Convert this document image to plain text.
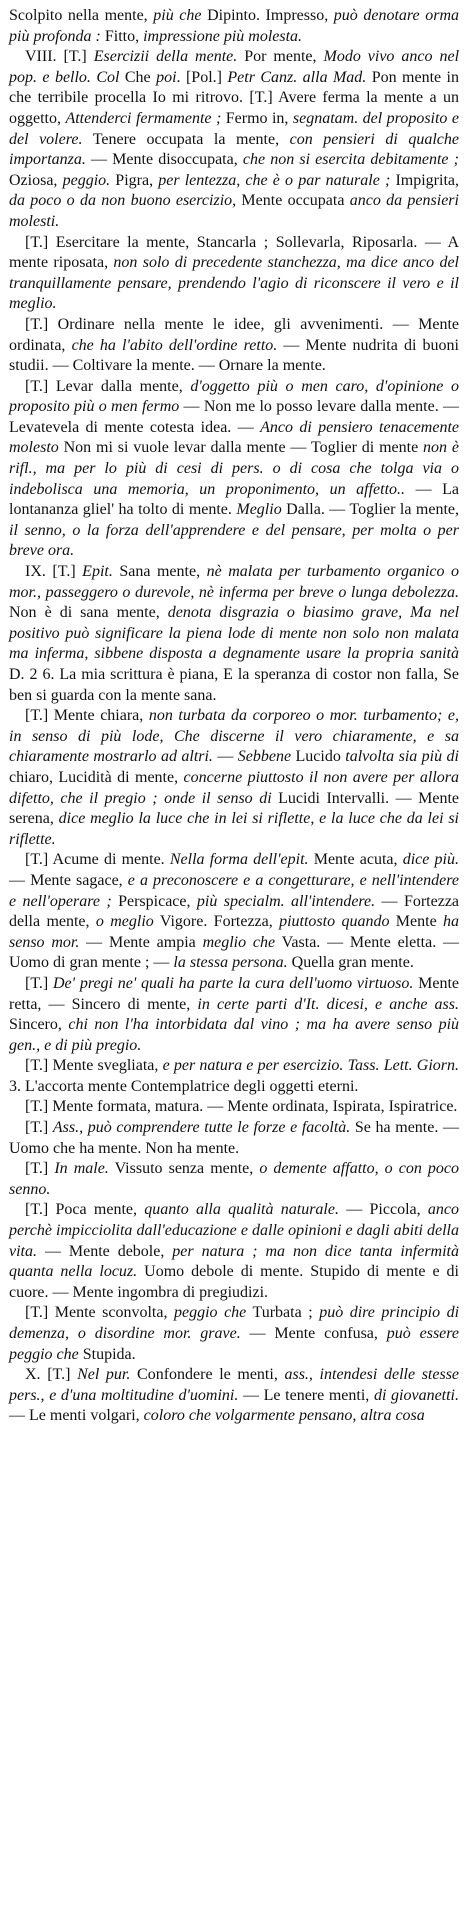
Scolpito nella mente, più che Dipinto. Impresso, può denotare orma più profonda : Fitto, impressione più molesta.

VIII. [T.] Esercizii della mente. Por mente, Modo vivo anco nel pop. e bello. Col Che poi. [Pol.] Petr Canz. alla Mad. Pon mente in che terribile procella Io mi ritrovo. [T.] Avere ferma la mente a un oggetto, Attenderci fermamente ; Fermo in, segnatam. del proposito e del volere. Tenere occupata la mente, con pensieri di qualche importanza. — Mente disoccupata, che non si esercita debitamente ; Oziosa, peggio. Pigra, per lentezza, che è o par naturale ; Impigrita, da poco o da non buono esercizio, Mente occupata anco da pensieri molesti.

[T.] Esercitare la mente, Stancarla ; Sollevarla, Riposarla. — A mente riposata, non solo di precedente stanchezza, ma dice anco del tranquillamente pensare, prendendo l'agio di riconscere il vero e il meglio.

[T.] Ordinare nella mente le idee, gli avvenimenti. — Mente ordinata, che ha l'abito dell'ordine retto. — Mente nudrita di buoni studii. — Coltivare la mente. — Ornare la mente.

[T.] Levar dalla mente, d'oggetto più o men caro, d'opinione o proposito più o men fermo — Non me lo posso levare dalla mente. — Levatevela di mente cotesta idea. — Anco di pensiero tenacemente molesto Non mi si vuole levar dalla mente — Toglier di mente non è rifl., ma per lo più di cesi di pers. o di cosa che tolga via o indebolisca una memoria, un proponimento, un affetto.. — La lontananza gliel' ha tolto di mente. Meglio Dalla. — Toglier la mente, il senno, o la forza dell'apprendere e del pensare, per molta o per breve ora.

IX. [T.] Epit. Sana mente, nè malata per turbamento organico o mor., passeggero o durevole, nè inferma per breve o lunga debolezza. Non è di sana mente, denota disgrazia o biasimo grave, Ma nel positivo può significare la piena lode di mente non solo non malata ma inferma, sibbene disposta a degnamente usare la propria sanità D. 2 6. La mia scrittura è piana, E la speranza di costor non falla, Se ben si guarda con la mente sana.

[T.] Mente chiara, non turbata da corporeo o mor. turbamento; e, in senso di più lode, Che discerne il vero chiaramente, e sa chiaramente mostrarlo ad altri. — Sebbene Lucido talvolta sia più di chiaro, Lucidità di mente, concerne piuttosto il non avere per allora difetto, che il pregio ; onde il senso di Lucidi Intervalli. — Mente serena, dice meglio la luce che in lei si riflette, e la luce che da lei si riflette.

[T.] Acume di mente. Nella forma dell'epit. Mente acuta, dice più. — Mente sagace, e a preconoscere e a congetturare, e nell'intendere e nell'operare ; Perspicace, più specialm. all'intendere. — Fortezza della mente, o meglio Vigore. Fortezza, piuttosto quando Mente ha senso mor. — Mente ampia meglio che Vasta. — Mente eletta. — Uomo di gran mente ; — la stessa persona. Quella gran mente.

[T.] De' pregi ne' quali ha parte la cura dell'uomo virtuoso. Mente retta, — Sincero di mente, in certe parti d'It. dicesi, e anche ass. Sincero, chi non l'ha intorbidata dal vino ; ma ha avere senso più gen., e di più pregio.

[T.] Mente svegliata, e per natura e per esercizio. Tass. Lett. Giorn. 3. L'accorta mente Contemplatrice degli oggetti eterni.

[T.] Mente formata, matura. — Mente ordinata, Ispirata, Ispiratrice.

[T.] Ass., può comprendere tutte le forze e facoltà. Se ha mente. — Uomo che ha mente. Non ha mente.

[T.] In male. Vissuto senza mente, o demente affatto, o con poco senno.

[T.] Poca mente, quanto alla qualità naturale. — Piccola, anco perchè impicciolita dall'educazione e dalle opinioni e dagli abiti della vita. — Mente debole, per natura ; ma non dice tanta infermità quanta nella locuz. Uomo debole di mente. Stupido di mente e di cuore. — Mente ingombra di pregiudizi.

[T.] Mente sconvolta, peggio che Turbata ; può dire principio di demenza, o disordine mor. grave. — Mente confusa, può essere peggio che Stupida.

X. [T.] Nel pur. Confondere le menti, ass., intendesi delle stesse pers., e d'una moltitudine d'uomini. — Le tenere menti, di giovanetti. — Le menti volgari, coloro che volgarmente pensano, altra cosa
